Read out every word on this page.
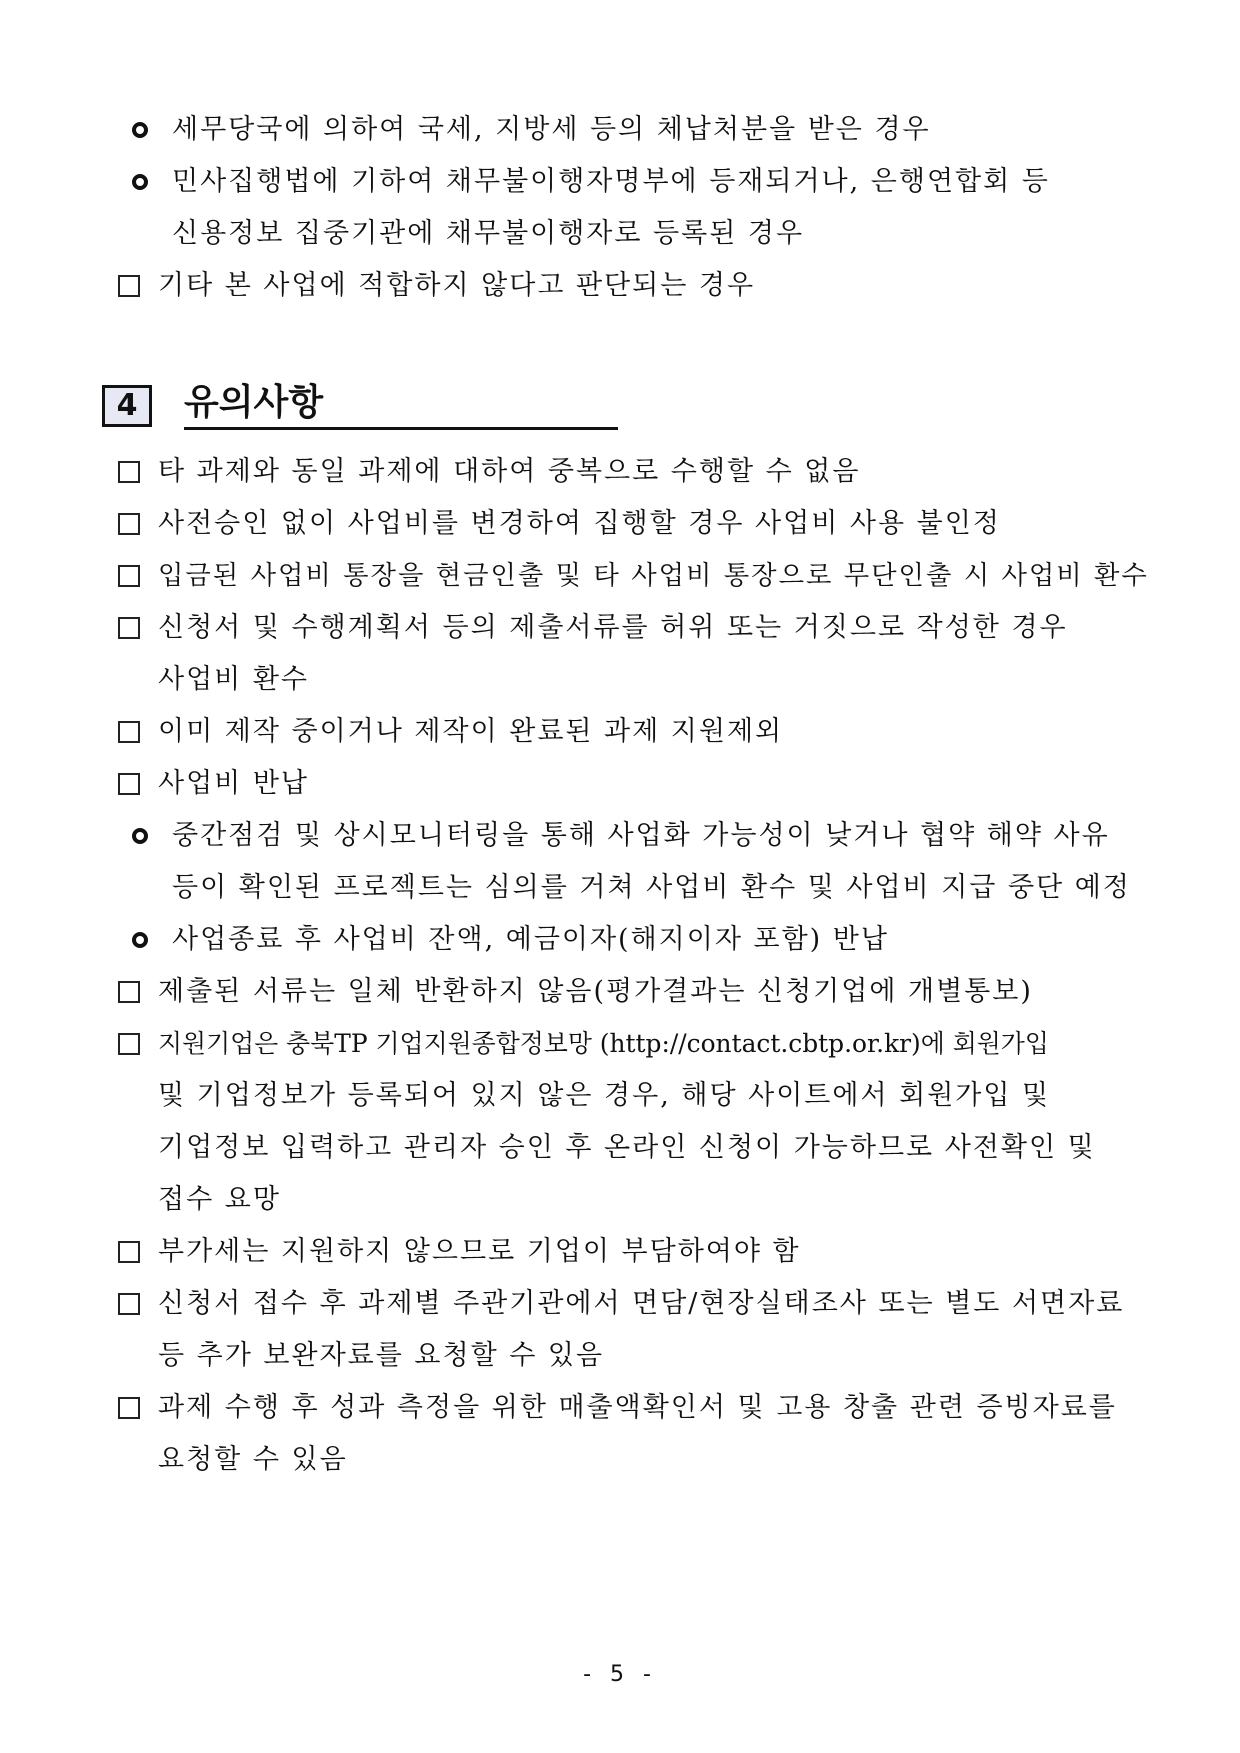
세무당국에 의하여 국세, 지방세 등의 체납처분을 받은 경우
민사집행법에 기하여 채무불이행자명부에 등재되거나, 은행연합회 등
신용정보 집중기관에 채무불이행자로 등록된 경우
기타 본 사업에 적합하지 않다고 판단되는 경우
4	유의사항
타 과제와 동일 과제에 대하여 중복으로 수행할 수 없음
사전승인 없이 사업비를 변경하여 집행할 경우 사업비 사용 불인정
입금된 사업비 통장을 현금인출 및 타 사업비 통장으로 무단인출 시 사업비 환수
신청서 및 수행계획서 등의 제출서류를 허위 또는 거짓으로 작성한 경우
사업비 환수
이미 제작 중이거나 제작이 완료된 과제 지원제외
사업비 반납
중간점검 및 상시모니터링을 통해 사업화 가능성이 낮거나 협약 해약 사유
등이 확인된 프로젝트는 심의를 거쳐 사업비 환수 및 사업비 지급 중단 예정
사업종료 후 사업비 잔액, 예금이자(해지이자 포함) 반납
제출된 서류는 일체 반환하지 않음(평가결과는 신청기업에 개별통보)
지원기업은 충북TP 기업지원종합정보망 (http://contact.cbtp.or.kr)에 회원가입
및 기업정보가 등록되어 있지 않은 경우, 해당 사이트에서 회원가입 및
기업정보 입력하고 관리자 승인 후 온라인 신청이 가능하므로 사전확인 및
접수 요망
부가세는 지원하지 않으므로 기업이 부담하여야 함
신청서 접수 후 과제별 주관기관에서 면담/현장실태조사 또는 별도 서면자료
등 추가 보완자료를 요청할 수 있음
과제 수행 후 성과 측정을 위한 매출액확인서 및 고용 창출 관련 증빙자료를
요청할 수 있음
- 5 -
